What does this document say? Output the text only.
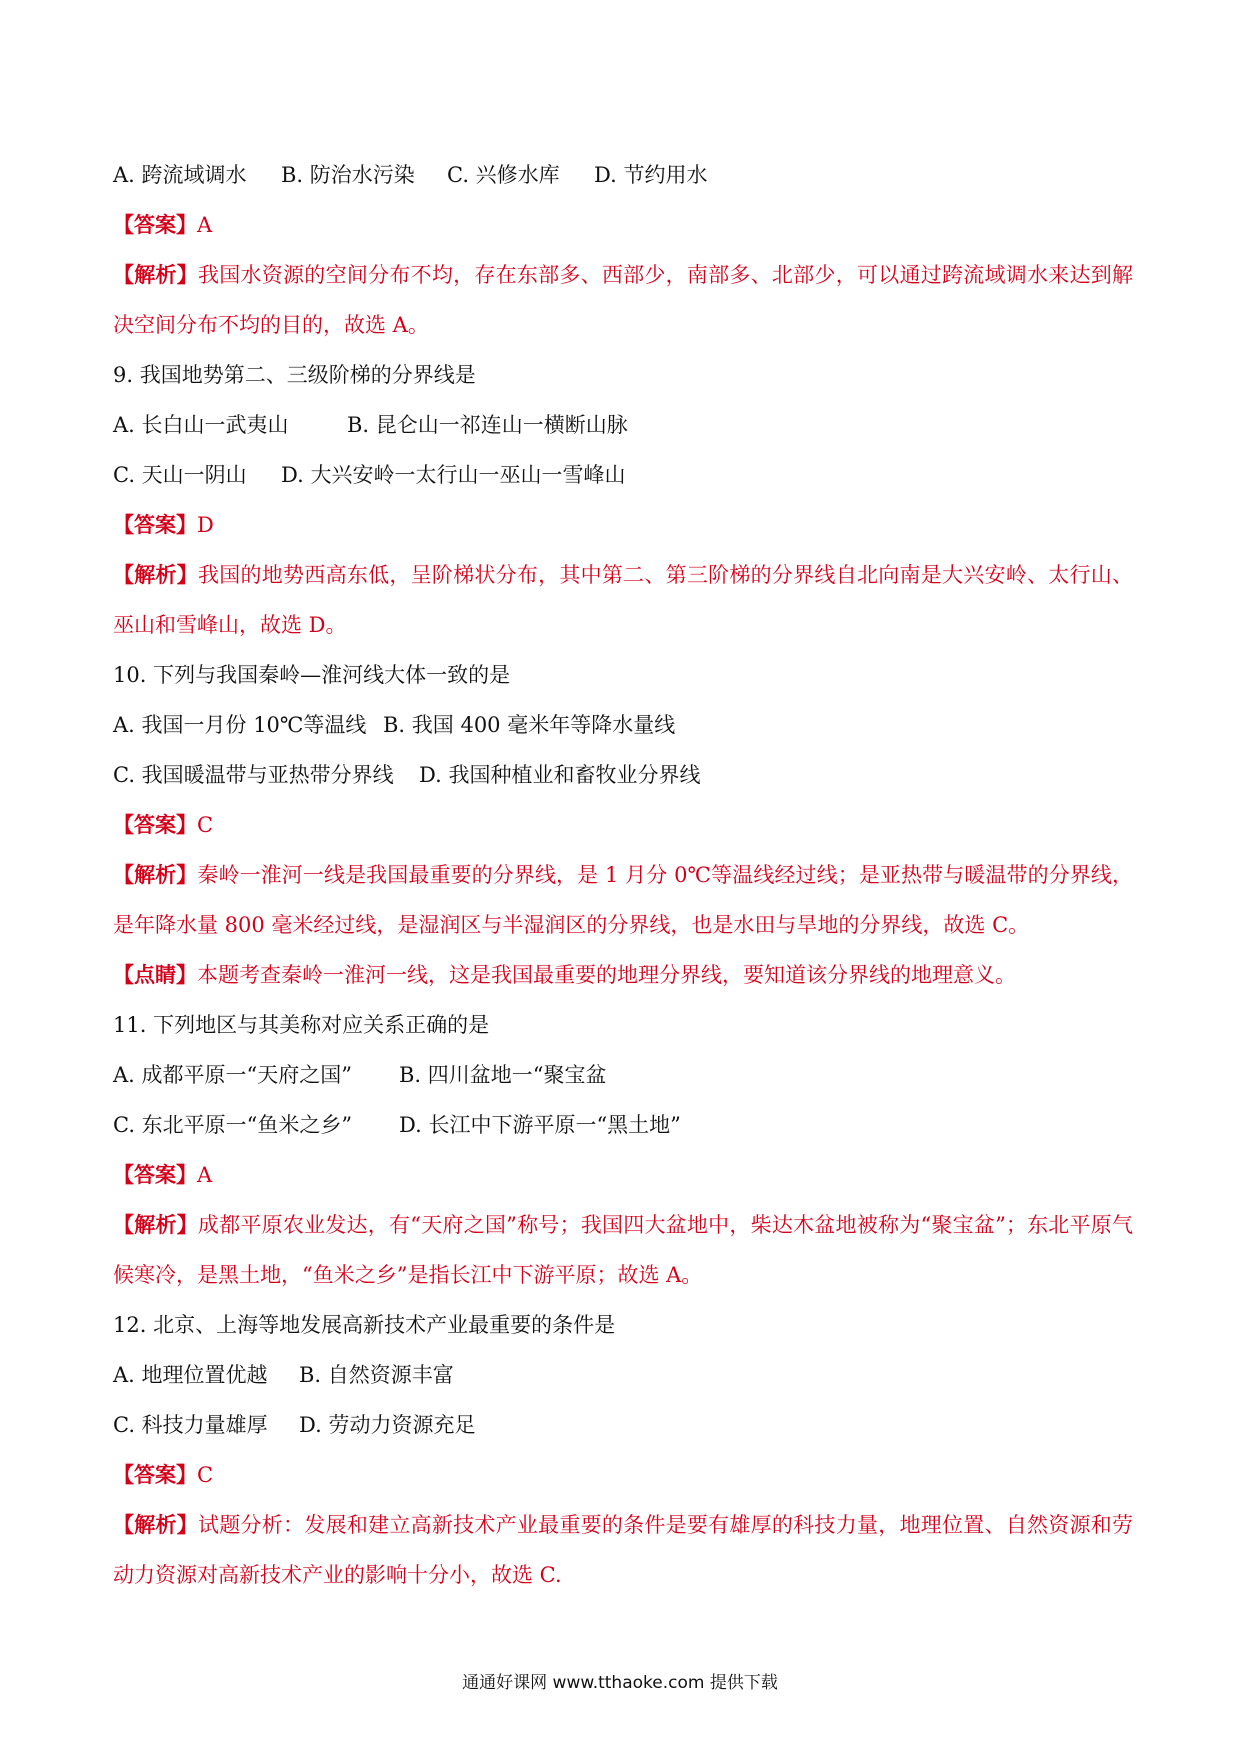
A. 跨流域调水 B. 防治水污染 C. 兴修水库 D. 节约用水
【答案】A
【解析】我国水资源的空间分布不均，存在东部多、西部少，南部多、北部少，可以通过跨流域调水来达到解决空间分布不均的目的，故选 A。
9. 我国地势第二、三级阶梯的分界线是
A. 长白山一武夷山	B. 昆仑山一祁连山一横断山脉
C. 天山一阴山 D. 大兴安岭一太行山一巫山一雪峰山
【答案】D
【解析】我国的地势西高东低，呈阶梯状分布，其中第二、第三阶梯的分界线自北向南是大兴安岭、太行山、巫山和雪峰山，故选 D。
10. 下列与我国秦岭—淮河线大体一致的是
A. 我国一月份 10℃等温线 B. 我国 400 毫米年等降水量线
C. 我国暖温带与亚热带分界线 D. 我国种植业和畜牧业分界线
【答案】C
【解析】秦岭一淮河一线是我国最重要的分界线，是 1 月分 0℃等温线经过线；是亚热带与暖温带的分界线，是年降水量 800 毫米经过线，是湿润区与半湿润区的分界线，也是水田与旱地的分界线，故选 C。
【点睛】本题考查秦岭一淮河一线，这是我国最重要的地理分界线，要知道该分界线的地理意义。
11. 下列地区与其美称对应关系正确的是
A. 成都平原一“天府之国” B. 四川盆地一“聚宝盆
C. 东北平原一“鱼米之乡” D. 长江中下游平原一“黑土地”
【答案】A
【解析】成都平原农业发达，有“天府之国”称号；我国四大盆地中，柴达木盆地被称为“聚宝盆”；东北平原气候寒冷，是黑土地，“鱼米之乡”是指长江中下游平原；故选 A。
12. 北京、上海等地发展高新技术产业最重要的条件是
A. 地理位置优越 B. 自然资源丰富
C. 科技力量雄厚 D. 劳动力资源充足
【答案】C
【解析】试题分析：发展和建立高新技术产业最重要的条件是要有雄厚的科技力量，地理位置、自然资源和劳动力资源对高新技术产业的影响十分小，故选 C.
通通好课网 www.tthaoke.com 提供下载
